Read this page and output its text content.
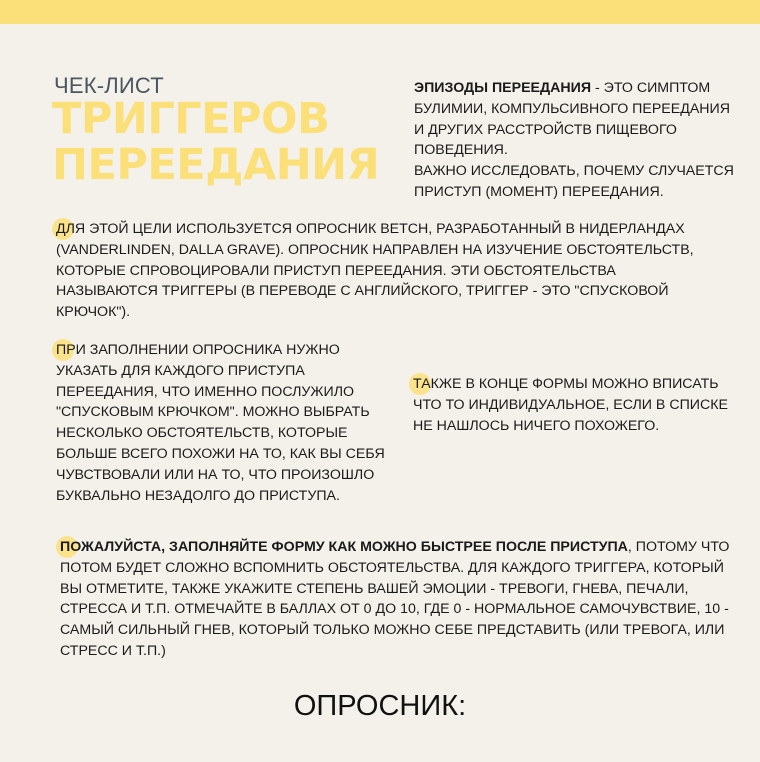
ЧЕК-ЛИСТ
ТРИГГЕРОВ
ПЕРЕЕДАНИЯ
ЭПИЗОДЫ ПЕРЕЕДАНИЯ - ЭТО СИМПТОМ БУЛИМИИ, КОМПУЛЬСИВНОГО ПЕРЕЕДАНИЯ И ДРУГИХ РАССТРОЙСТВ ПИЩЕВОГО ПОВЕДЕНИЯ.
ВАЖНО ИССЛЕДОВАТЬ, ПОЧЕМУ СЛУЧАЕТСЯ ПРИСТУП (МОМЕНТ) ПЕРЕЕДАНИЯ.
ДЛЯ ЭТОЙ ЦЕЛИ ИСПОЛЬЗУЕТСЯ ОПРОСНИК BETCH, РАЗРАБОТАННЫЙ В НИДЕРЛАНДАХ (VANDERLINDEN, DALLA GRAVE). ОПРОСНИК НАПРАВЛЕН НА ИЗУЧЕНИЕ ОБСТОЯТЕЛЬСТВ, КОТОРЫЕ СПРОВОЦИРОВАЛИ ПРИСТУП ПЕРЕЕДАНИЯ. ЭТИ ОБСТОЯТЕЛЬСТВА НАЗЫВАЮТСЯ ТРИГГЕРЫ (В ПЕРЕВОДЕ С АНГЛИЙСКОГО, ТРИГГЕР - ЭТО "СПУСКОВОЙ КРЮЧОК").
ПРИ ЗАПОЛНЕНИИ ОПРОСНИКА НУЖНО УКАЗАТЬ ДЛЯ КАЖДОГО ПРИСТУПА ПЕРЕЕДАНИЯ, ЧТО ИМЕННО ПОСЛУЖИЛО "СПУСКОВЫМ КРЮЧКОМ". МОЖНО ВЫБРАТЬ НЕСКОЛЬКО ОБСТОЯТЕЛЬСТВ, КОТОРЫЕ БОЛЬШЕ ВСЕГО ПОХОЖИ НА ТО, КАК ВЫ СЕБЯ ЧУВСТВОВАЛИ ИЛИ НА ТО, ЧТО ПРОИЗОШЛО БУКВАЛЬНО НЕЗАДОЛГО ДО ПРИСТУПА.
ТАКЖЕ В КОНЦЕ ФОРМЫ МОЖНО ВПИСАТЬ ЧТО ТО ИНДИВИДУАЛЬНОЕ, ЕСЛИ В СПИСКЕ НЕ НАШЛОСЬ НИЧЕГО ПОХОЖЕГО.
ПОЖАЛУЙСТА, ЗАПОЛНЯЙТЕ ФОРМУ КАК МОЖНО БЫСТРЕЕ ПОСЛЕ ПРИСТУПА, ПОТОМУ ЧТО ПОТОМ БУДЕТ СЛОЖНО ВСПОМНИТЬ ОБСТОЯТЕЛЬСТВА. ДЛЯ КАЖДОГО ТРИГГЕРА, КОТОРЫЙ ВЫ ОТМЕТИТЕ, ТАКЖЕ УКАЖИТЕ СТЕПЕНЬ ВАШЕЙ ЭМОЦИИ - ТРЕВОГИ, ГНЕВА, ПЕЧАЛИ, СТРЕССА И Т.П. ОТМЕЧАЙТЕ В БАЛЛАХ ОТ 0 ДО 10, ГДЕ 0 - НОРМАЛЬНОЕ САМОЧУВСТВИЕ, 10 - САМЫЙ СИЛЬНЫЙ ГНЕВ, КОТОРЫЙ ТОЛЬКО МОЖНО СЕБЕ ПРЕДСТАВИТЬ (ИЛИ ТРЕВОГА, ИЛИ СТРЕСС И Т.П.)
ОПРОСНИК:
